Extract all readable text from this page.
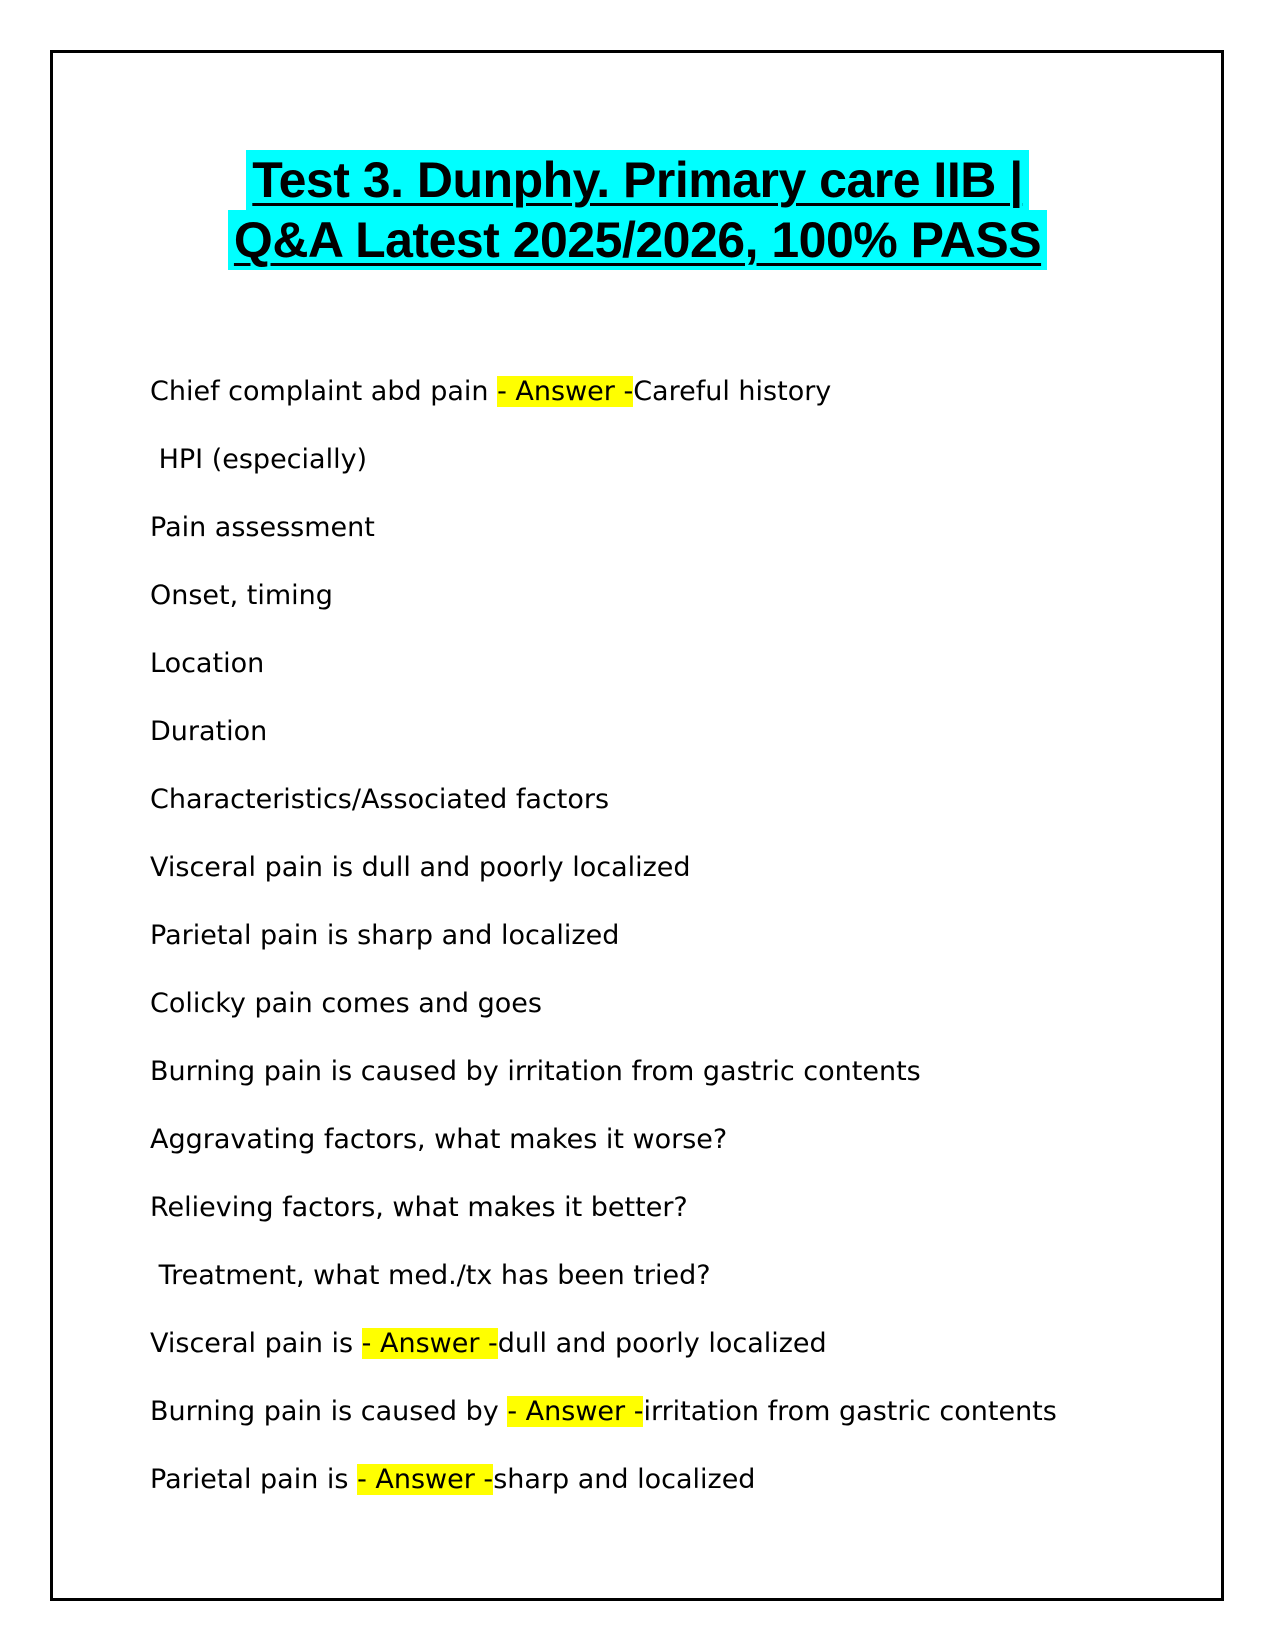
Test 3. Dunphy. Primary care IIB |
Q&A Latest 2025/2026, 100% PASS
Chief complaint abd pain - Answer -Careful history
HPI (especially)
Pain assessment
Onset, timing
Location
Duration
Characteristics/Associated factors
Visceral pain is dull and poorly localized
Parietal pain is sharp and localized
Colicky pain comes and goes
Burning pain is caused by irritation from gastric contents
Aggravating factors, what makes it worse?
Relieving factors, what makes it better?
Treatment, what med./tx has been tried?
Visceral pain is - Answer -dull and poorly localized
Burning pain is caused by - Answer -irritation from gastric contents
Parietal pain is - Answer -sharp and localized
